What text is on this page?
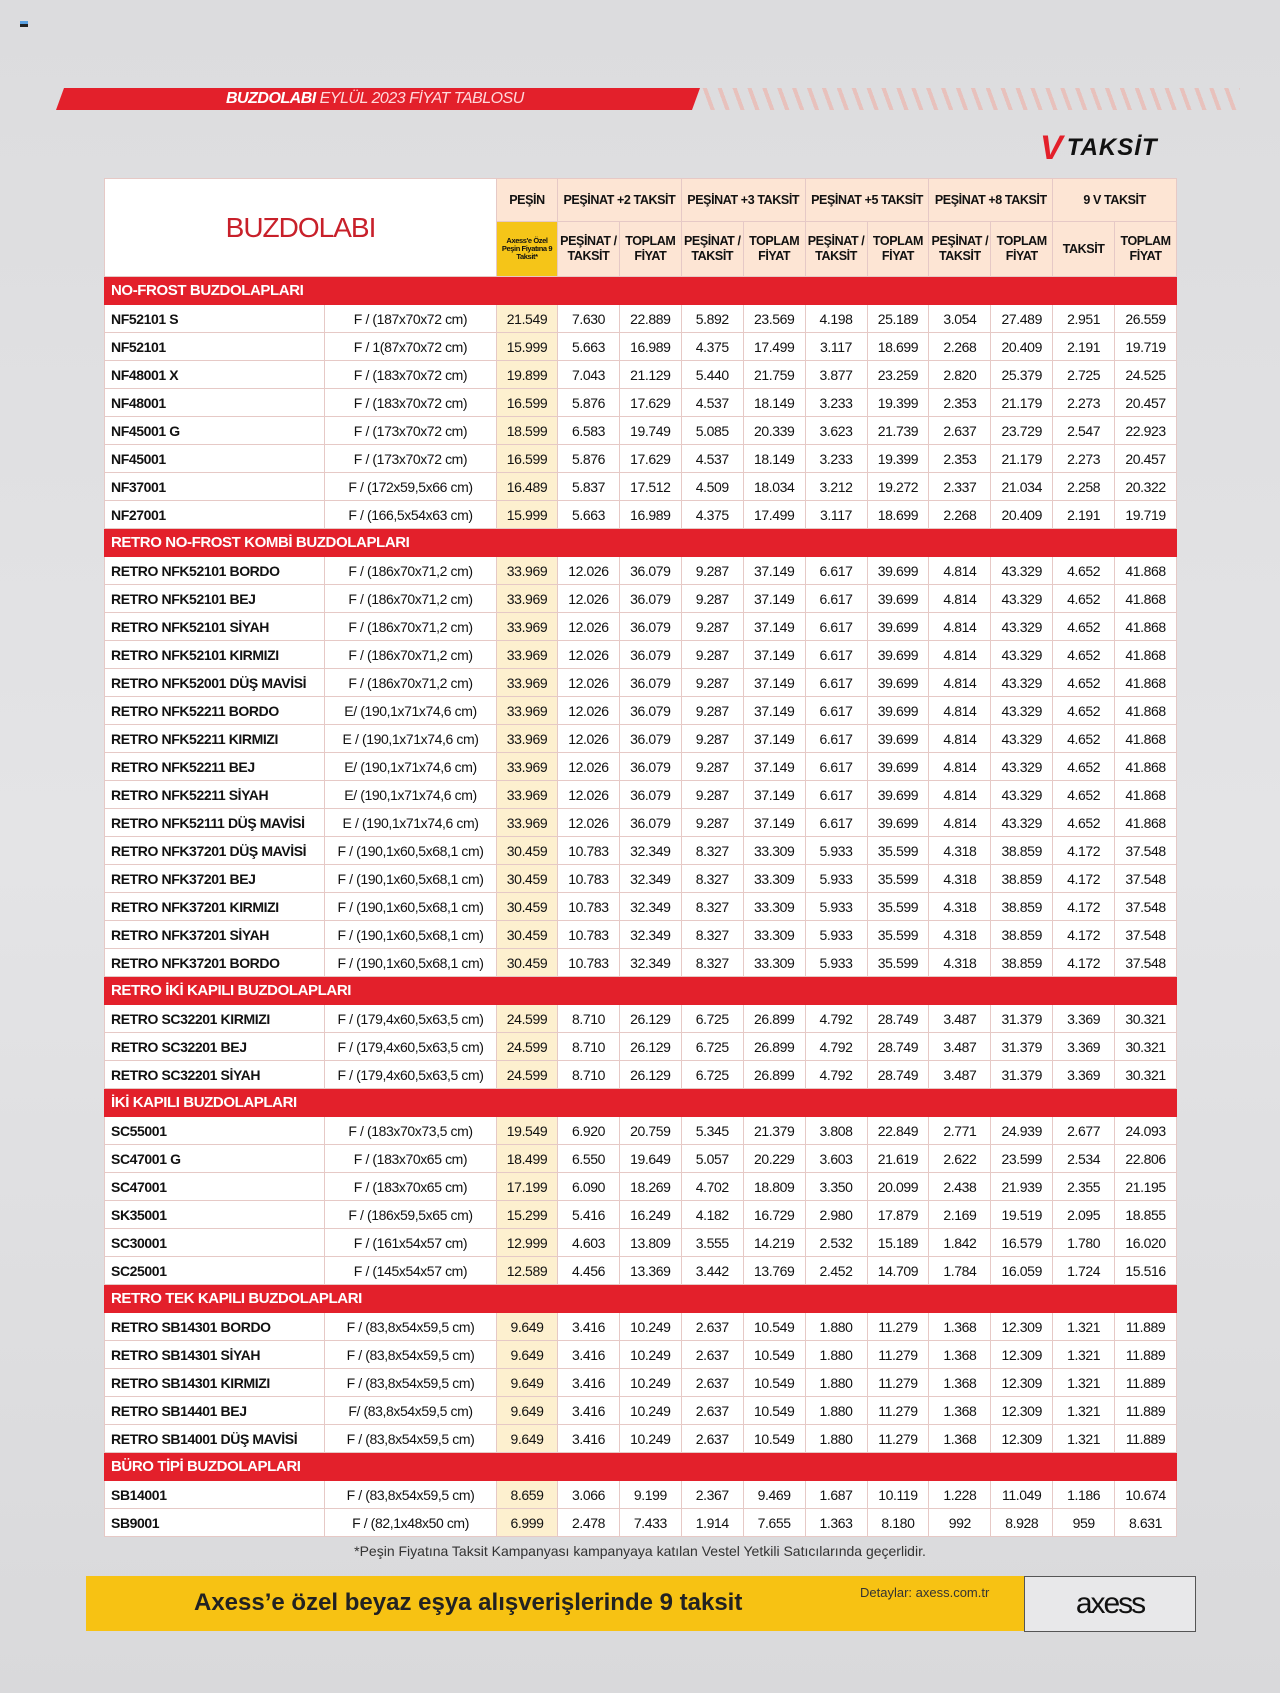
BUZDOLABI EYLÜL 2023 FİYAT TABLOSU
V TAKSİT
BUZDOLABI		PEŞİN	PEŞİNAT +2 TAKSİT		PEŞİNAT +3 TAKSİT		PEŞİNAT +5 TAKSİT		PEŞİNAT +8 TAKSİT		9 V TAKSİT	
		Axess'e Özel Peşin Fiyatına 9 Taksit*	PEŞİNAT / TAKSİT	TOPLAM FİYAT	PEŞİNAT / TAKSİT	TOPLAM FİYAT	PEŞİNAT / TAKSİT	TOPLAM FİYAT	PEŞİNAT / TAKSİT	TOPLAM FİYAT	TAKSİT	TOPLAM FİYAT
NO-FROST BUZDOLAPLARI												
NF52101 S	F / (187x70x72 cm)	21.549	7.630	22.889	5.892	23.569	4.198	25.189	3.054	27.489	2.951	26.559
NF52101	F / 1(87x70x72 cm)	15.999	5.663	16.989	4.375	17.499	3.117	18.699	2.268	20.409	2.191	19.719
NF48001 X	F / (183x70x72 cm)	19.899	7.043	21.129	5.440	21.759	3.877	23.259	2.820	25.379	2.725	24.525
NF48001	F / (183x70x72 cm)	16.599	5.876	17.629	4.537	18.149	3.233	19.399	2.353	21.179	2.273	20.457
NF45001 G	F / (173x70x72 cm)	18.599	6.583	19.749	5.085	20.339	3.623	21.739	2.637	23.729	2.547	22.923
NF45001	F / (173x70x72 cm)	16.599	5.876	17.629	4.537	18.149	3.233	19.399	2.353	21.179	2.273	20.457
NF37001	F / (172x59,5x66 cm)	16.489	5.837	17.512	4.509	18.034	3.212	19.272	2.337	21.034	2.258	20.322
NF27001	F / (166,5x54x63 cm)	15.999	5.663	16.989	4.375	17.499	3.117	18.699	2.268	20.409	2.191	19.719
RETRO NO-FROST KOMBİ BUZDOLAPLARI												
RETRO NFK52101 BORDO	F / (186x70x71,2 cm)	33.969	12.026	36.079	9.287	37.149	6.617	39.699	4.814	43.329	4.652	41.868
RETRO NFK52101 BEJ	F / (186x70x71,2 cm)	33.969	12.026	36.079	9.287	37.149	6.617	39.699	4.814	43.329	4.652	41.868
RETRO NFK52101 SİYAH	F / (186x70x71,2 cm)	33.969	12.026	36.079	9.287	37.149	6.617	39.699	4.814	43.329	4.652	41.868
RETRO NFK52101 KIRMIZI	F / (186x70x71,2 cm)	33.969	12.026	36.079	9.287	37.149	6.617	39.699	4.814	43.329	4.652	41.868
RETRO NFK52001 DÜŞ MAVİSİ	F / (186x70x71,2 cm)	33.969	12.026	36.079	9.287	37.149	6.617	39.699	4.814	43.329	4.652	41.868
RETRO NFK52211 BORDO	E/ (190,1x71x74,6 cm)	33.969	12.026	36.079	9.287	37.149	6.617	39.699	4.814	43.329	4.652	41.868
RETRO NFK52211 KIRMIZI	E / (190,1x71x74,6 cm)	33.969	12.026	36.079	9.287	37.149	6.617	39.699	4.814	43.329	4.652	41.868
RETRO NFK52211 BEJ	E/ (190,1x71x74,6 cm)	33.969	12.026	36.079	9.287	37.149	6.617	39.699	4.814	43.329	4.652	41.868
RETRO NFK52211 SİYAH	E/ (190,1x71x74,6 cm)	33.969	12.026	36.079	9.287	37.149	6.617	39.699	4.814	43.329	4.652	41.868
RETRO NFK52111 DÜŞ MAVİSİ	E / (190,1x71x74,6 cm)	33.969	12.026	36.079	9.287	37.149	6.617	39.699	4.814	43.329	4.652	41.868
RETRO NFK37201 DÜŞ MAVİSİ	F / (190,1x60,5x68,1 cm)	30.459	10.783	32.349	8.327	33.309	5.933	35.599	4.318	38.859	4.172	37.548
RETRO NFK37201 BEJ	F / (190,1x60,5x68,1 cm)	30.459	10.783	32.349	8.327	33.309	5.933	35.599	4.318	38.859	4.172	37.548
RETRO NFK37201 KIRMIZI	F / (190,1x60,5x68,1 cm)	30.459	10.783	32.349	8.327	33.309	5.933	35.599	4.318	38.859	4.172	37.548
RETRO NFK37201 SİYAH	F / (190,1x60,5x68,1 cm)	30.459	10.783	32.349	8.327	33.309	5.933	35.599	4.318	38.859	4.172	37.548
RETRO NFK37201 BORDO	F / (190,1x60,5x68,1 cm)	30.459	10.783	32.349	8.327	33.309	5.933	35.599	4.318	38.859	4.172	37.548
RETRO İKİ KAPILI BUZDOLAPLARI												
RETRO SC32201 KIRMIZI	F / (179,4x60,5x63,5 cm)	24.599	8.710	26.129	6.725	26.899	4.792	28.749	3.487	31.379	3.369	30.321
RETRO SC32201 BEJ	F / (179,4x60,5x63,5 cm)	24.599	8.710	26.129	6.725	26.899	4.792	28.749	3.487	31.379	3.369	30.321
RETRO SC32201 SİYAH	F / (179,4x60,5x63,5 cm)	24.599	8.710	26.129	6.725	26.899	4.792	28.749	3.487	31.379	3.369	30.321
İKİ KAPILI BUZDOLAPLARI												
SC55001	F / (183x70x73,5 cm)	19.549	6.920	20.759	5.345	21.379	3.808	22.849	2.771	24.939	2.677	24.093
SC47001 G	F / (183x70x65 cm)	18.499	6.550	19.649	5.057	20.229	3.603	21.619	2.622	23.599	2.534	22.806
SC47001	F / (183x70x65 cm)	17.199	6.090	18.269	4.702	18.809	3.350	20.099	2.438	21.939	2.355	21.195
SK35001	F / (186x59,5x65 cm)	15.299	5.416	16.249	4.182	16.729	2.980	17.879	2.169	19.519	2.095	18.855
SC30001	F / (161x54x57 cm)	12.999	4.603	13.809	3.555	14.219	2.532	15.189	1.842	16.579	1.780	16.020
SC25001	F / (145x54x57 cm)	12.589	4.456	13.369	3.442	13.769	2.452	14.709	1.784	16.059	1.724	15.516
RETRO TEK KAPILI BUZDOLAPLARI												
RETRO SB14301 BORDO	F / (83,8x54x59,5 cm)	9.649	3.416	10.249	2.637	10.549	1.880	11.279	1.368	12.309	1.321	11.889
RETRO SB14301 SİYAH	F / (83,8x54x59,5 cm)	9.649	3.416	10.249	2.637	10.549	1.880	11.279	1.368	12.309	1.321	11.889
RETRO SB14301 KIRMIZI	F / (83,8x54x59,5 cm)	9.649	3.416	10.249	2.637	10.549	1.880	11.279	1.368	12.309	1.321	11.889
RETRO SB14401 BEJ	F/ (83,8x54x59,5 cm)	9.649	3.416	10.249	2.637	10.549	1.880	11.279	1.368	12.309	1.321	11.889
RETRO SB14001 DÜŞ MAVİSİ	F / (83,8x54x59,5 cm)	9.649	3.416	10.249	2.637	10.549	1.880	11.279	1.368	12.309	1.321	11.889
BÜRO TİPİ BUZDOLAPLARI												
SB14001	F / (83,8x54x59,5 cm)	8.659	3.066	9.199	2.367	9.469	1.687	10.119	1.228	11.049	1.186	10.674
SB9001	F / (82,1x48x50 cm)	6.999	2.478	7.433	1.914	7.655	1.363	8.180	992	8.928	959	8.631
*Peşin Fiyatına Taksit Kampanyası kampanyaya katılan Vestel Yetkili Satıcılarında geçerlidir.
Axess’e özel beyaz eşya alışverişlerinde 9 taksit	Detaylar: axess.com.tr	axess
